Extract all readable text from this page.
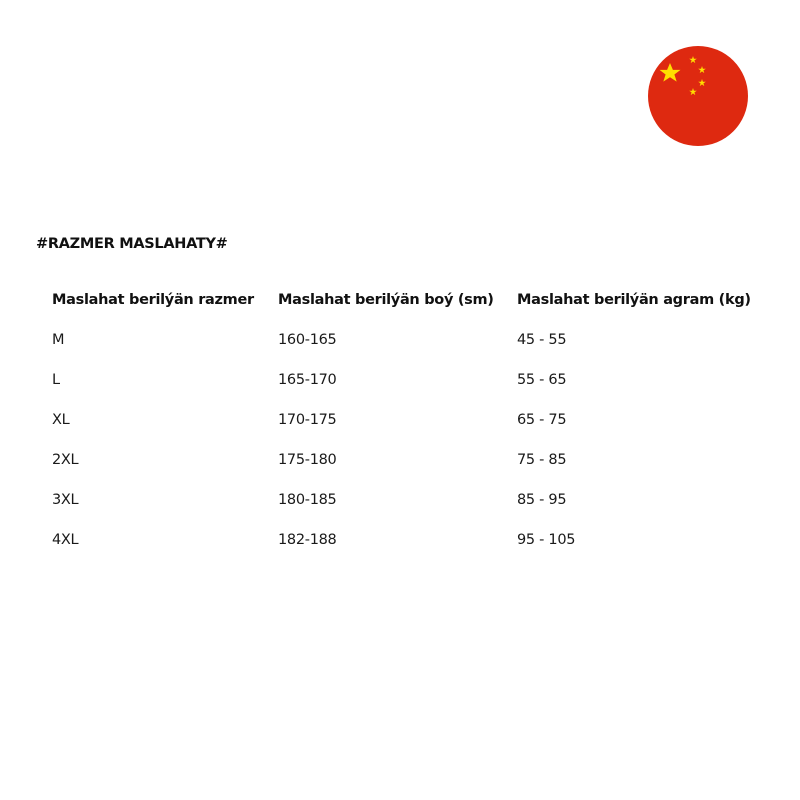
#RAZMER MASLAHATY#
Maslahat berilýän razmer	Maslahat berilýän boý (sm)	Maslahat berilýän agram (kg)
M	160-165	45 - 55
L	165-170	55 - 65
XL	170-175	65 - 75
2XL	175-180	75 - 85
3XL	180-185	85 - 95
4XL	182-188	95 - 105
